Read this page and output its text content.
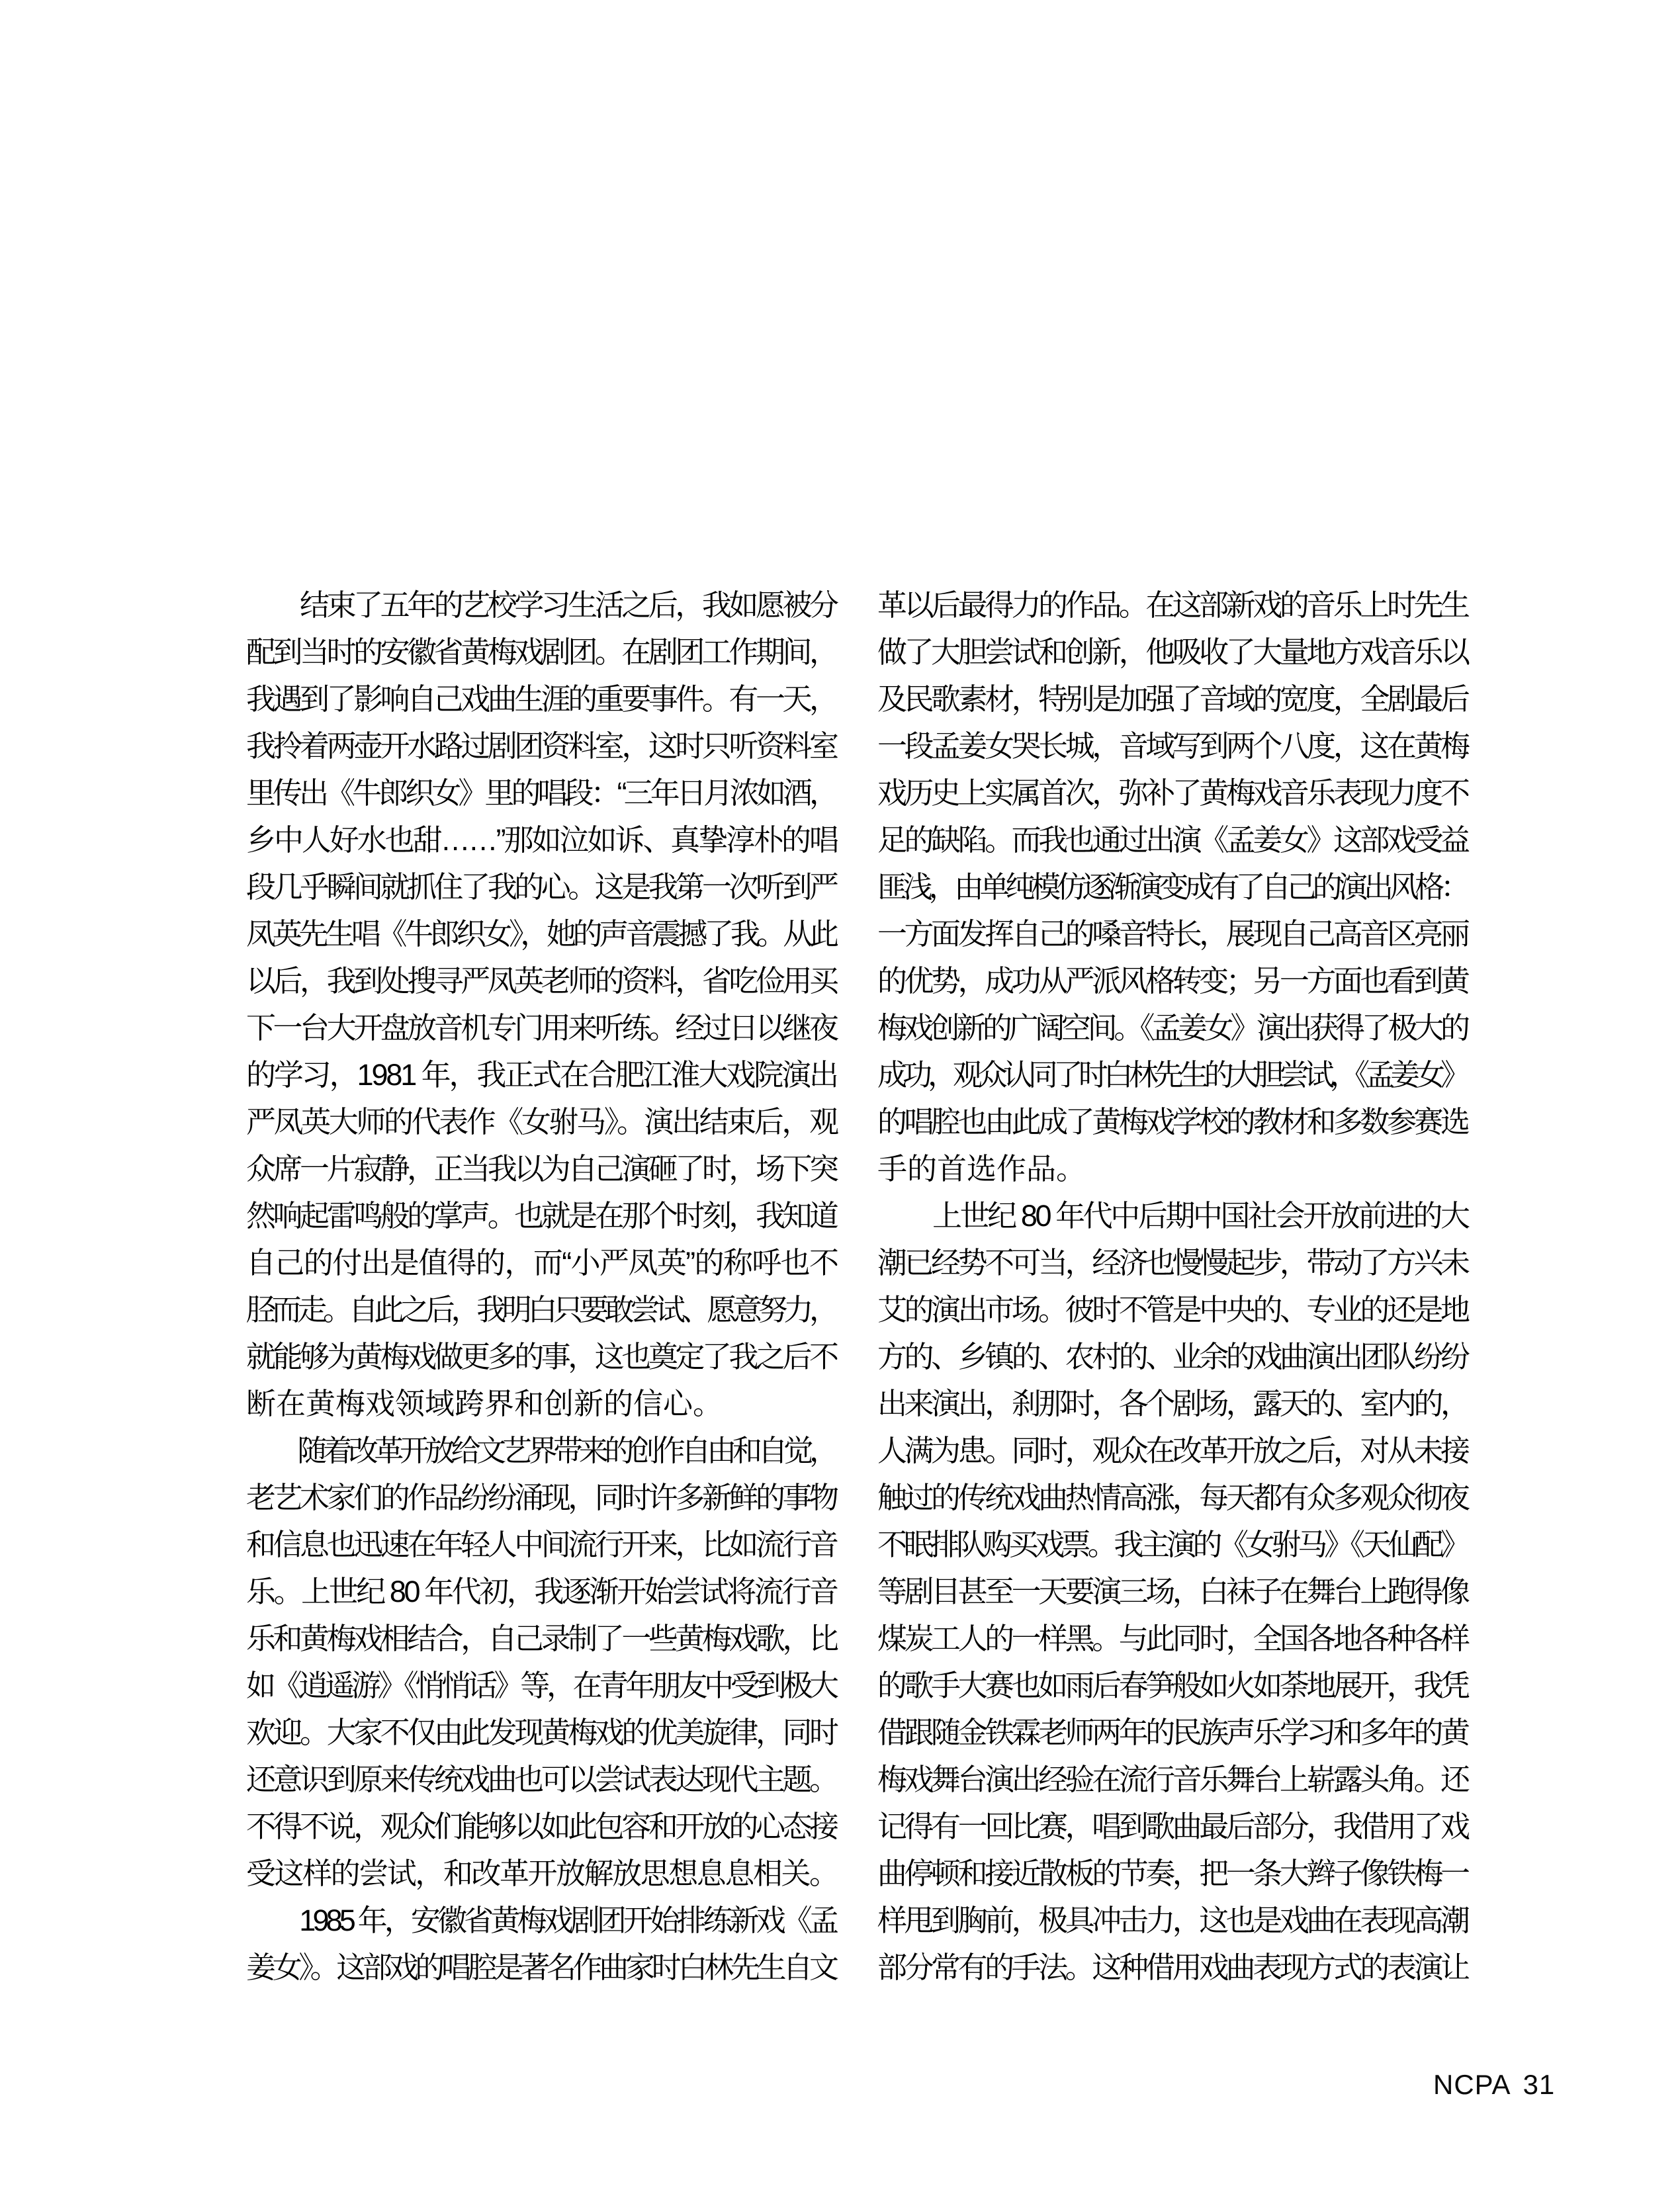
　　结束了五年的艺校学习生活之后，我如愿被分
配到当时的安徽省黄梅戏剧团。在剧团工作期间，
我遇到了影响自己戏曲生涯的重要事件。有一天，
我拎着两壶开水路过剧团资料室，这时只听资料室
里传出《牛郎织女》里的唱段：“三年日月浓如酒，
乡中人好水也甜……”那如泣如诉、真挚淳朴的唱
段几乎瞬间就抓住了我的心。这是我第一次听到严
凤英先生唱《牛郎织女》，她的声音震撼了我。从此
以后，我到处搜寻严凤英老师的资料，省吃俭用买
下一台大开盘放音机专门用来听练。经过日以继夜
的学习，1981 年，我正式在合肥江淮大戏院演出
严凤英大师的代表作《女驸马》。演出结束后，观
众席一片寂静，正当我以为自己演砸了时，场下突
然响起雷鸣般的掌声。也就是在那个时刻，我知道
自己的付出是值得的，而“小严凤英”的称呼也不
胫而走。自此之后，我明白只要敢尝试、愿意努力，
就能够为黄梅戏做更多的事，这也奠定了我之后不
断在黄梅戏领域跨界和创新的信心。
　　随着改革开放给文艺界带来的创作自由和自觉，
老艺术家们的作品纷纷涌现，同时许多新鲜的事物
和信息也迅速在年轻人中间流行开来，比如流行音
乐。上世纪 80 年代初，我逐渐开始尝试将流行音
乐和黄梅戏相结合，自己录制了一些黄梅戏歌，比
如《逍遥游》《悄悄话》等，在青年朋友中受到极大
欢迎。大家不仅由此发现黄梅戏的优美旋律，同时
还意识到原来传统戏曲也可以尝试表达现代主题。
不得不说，观众们能够以如此包容和开放的心态接
受这样的尝试，和改革开放解放思想息息相关。
　　1985 年，安徽省黄梅戏剧团开始排练新戏《孟
姜女》。这部戏的唱腔是著名作曲家时白林先生自文
革以后最得力的作品。在这部新戏的音乐上时先生
做了大胆尝试和创新，他吸收了大量地方戏音乐以
及民歌素材，特别是加强了音域的宽度，全剧最后
一段孟姜女哭长城，音域写到两个八度，这在黄梅
戏历史上实属首次，弥补了黄梅戏音乐表现力度不
足的缺陷。而我也通过出演《孟姜女》这部戏受益
匪浅，由单纯模仿逐渐演变成有了自己的演出风格：
一方面发挥自己的嗓音特长，展现自己高音区亮丽
的优势，成功从严派风格转变；另一方面也看到黄
梅戏创新的广阔空间。《孟姜女》演出获得了极大的
成功，观众认同了时白林先生的大胆尝试，《孟姜女》
的唱腔也由此成了黄梅戏学校的教材和多数参赛选
手的首选作品。
　　上世纪 80 年代中后期中国社会开放前进的大
潮已经势不可当，经济也慢慢起步，带动了方兴未
艾的演出市场。彼时不管是中央的、专业的还是地
方的、乡镇的、农村的、业余的戏曲演出团队纷纷
出来演出，刹那时，各个剧场，露天的、室内的，
人满为患。同时，观众在改革开放之后，对从未接
触过的传统戏曲热情高涨，每天都有众多观众彻夜
不眠排队购买戏票。我主演的《女驸马》《天仙配》
等剧目甚至一天要演三场，白袜子在舞台上跑得像
煤炭工人的一样黑。与此同时，全国各地各种各样
的歌手大赛也如雨后春笋般如火如荼地展开，我凭
借跟随金铁霖老师两年的民族声乐学习和多年的黄
梅戏舞台演出经验在流行音乐舞台上崭露头角。还
记得有一回比赛，唱到歌曲最后部分，我借用了戏
曲停顿和接近散板的节奏，把一条大辫子像铁梅一
样甩到胸前，极具冲击力，这也是戏曲在表现高潮
部分常有的手法。这种借用戏曲表现方式的表演让
NCPA 31
